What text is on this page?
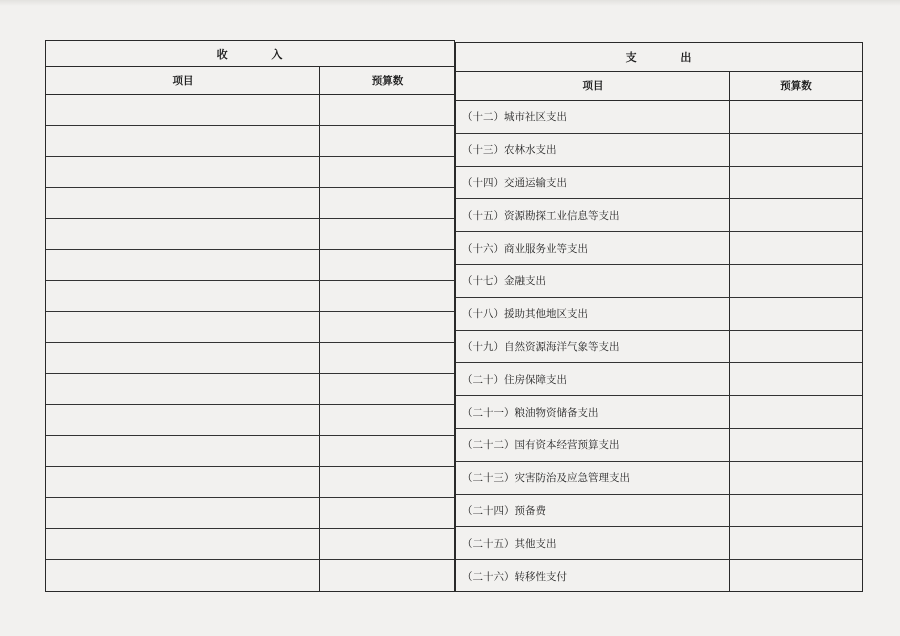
收 入
项目	预算数
支 出
项目	预算数
（十二）城市社区支出
（十三）农林水支出
（十四）交通运输支出
（十五）资源勘探工业信息等支出
（十六）商业服务业等支出
（十七）金融支出
（十八）援助其他地区支出
（十九）自然资源海洋气象等支出
（二十）住房保障支出
（二十一）粮油物资储备支出
（二十二）国有资本经营预算支出
（二十三）灾害防治及应急管理支出
（二十四）预备费
（二十五）其他支出
（二十六）转移性支付
